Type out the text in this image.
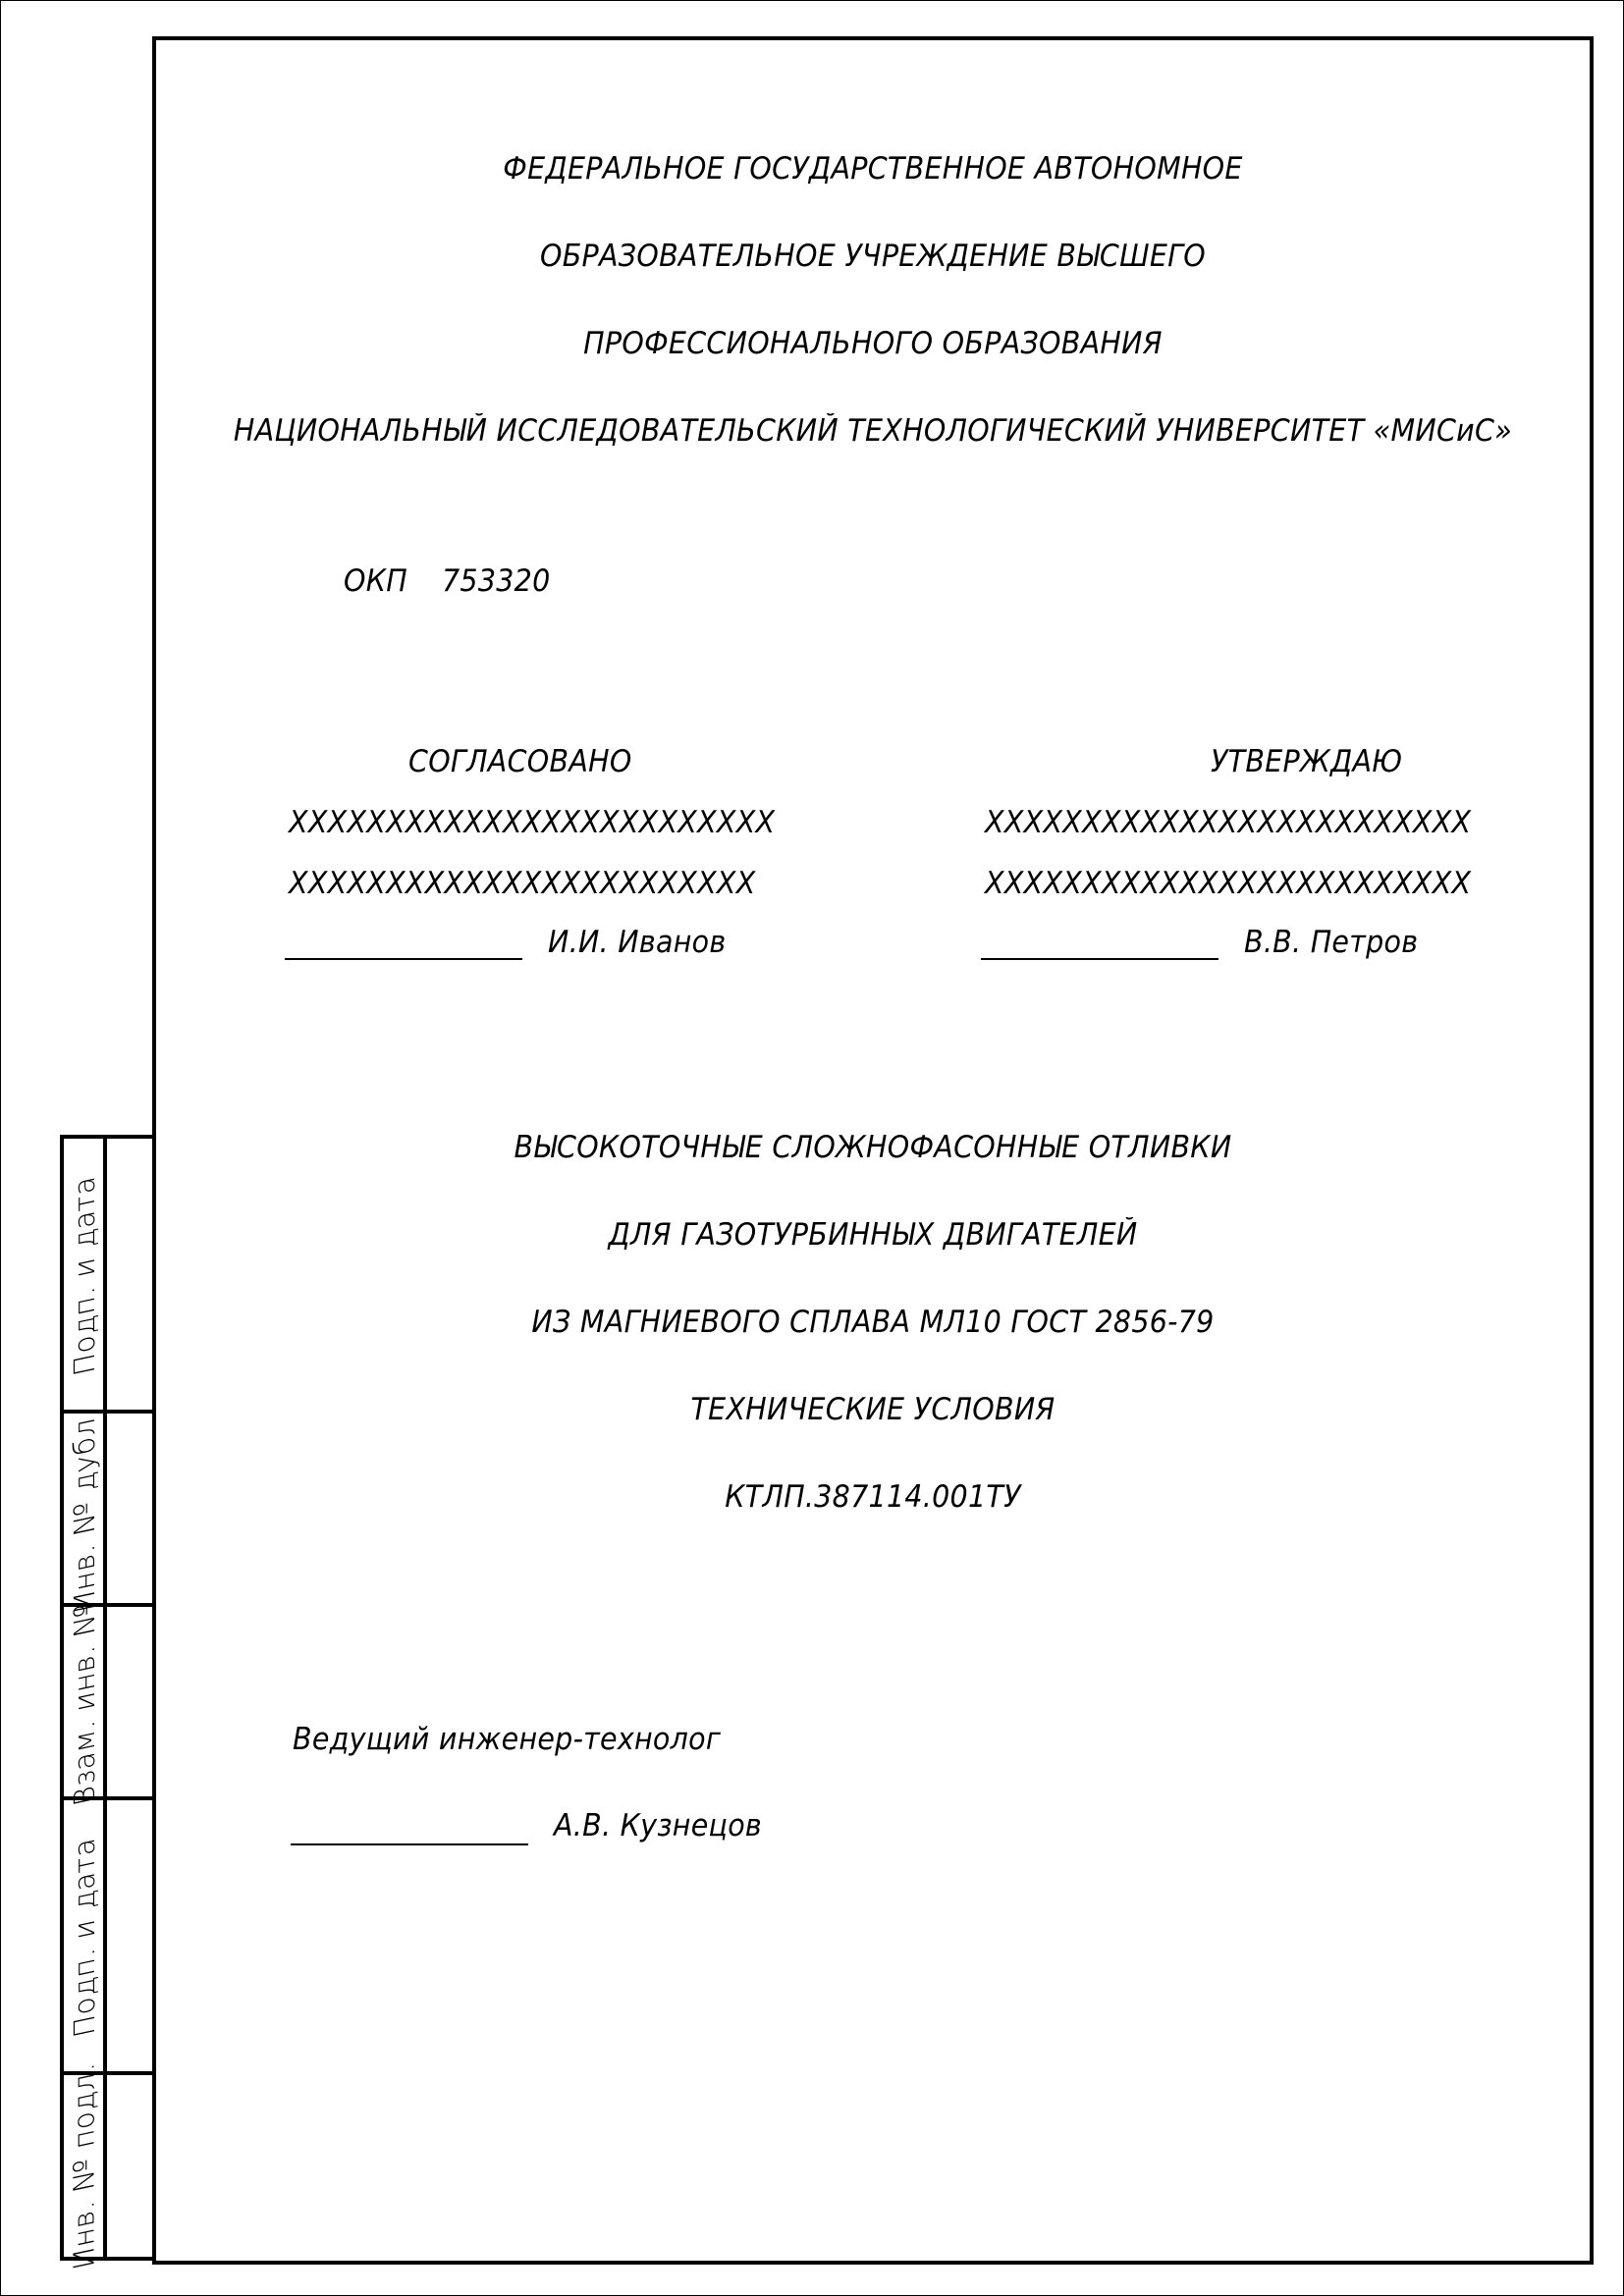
ФЕДЕРАЛЬНОЕ ГОСУДАРСТВЕННОЕ АВТОНОМНОЕ
ОБРАЗОВАТЕЛЬНОЕ УЧРЕЖДЕНИЕ ВЫСШЕГО
ПРОФЕССИОНАЛЬНОГО ОБРАЗОВАНИЯ
НАЦИОНАЛЬНЫЙ ИССЛЕДОВАТЕЛЬСКИЙ ТЕХНОЛОГИЧЕСКИЙ УНИВЕРСИТЕТ «МИСиС»
ОКП 753320
СОГЛАСОВАНО
XXXXXXXXXXXXXXXXXXXXXXXXX
XXXXXXXXXXXXXXXXXXXXXXXX
И.И. Иванов
УТВЕРЖДАЮ
XXXXXXXXXXXXXXXXXXXXXXXXX
XXXXXXXXXXXXXXXXXXXXXXXXX
В.В. Петров
ВЫСОКОТОЧНЫЕ СЛОЖНОФАСОННЫЕ ОТЛИВКИ
ДЛЯ ГАЗОТУРБИННЫХ ДВИГАТЕЛЕЙ
ИЗ МАГНИЕВОГО СПЛАВА МЛ10 ГОСТ 2856-79
ТЕХНИЧЕСКИЕ УСЛОВИЯ
КТЛП.387114.001ТУ
Ведущий инженер-технолог
А.В. Кузнецов
Подп. и дата
Инв. № дубл.
Взам. инв. №
Подп. и дата
Инв. № подл.
